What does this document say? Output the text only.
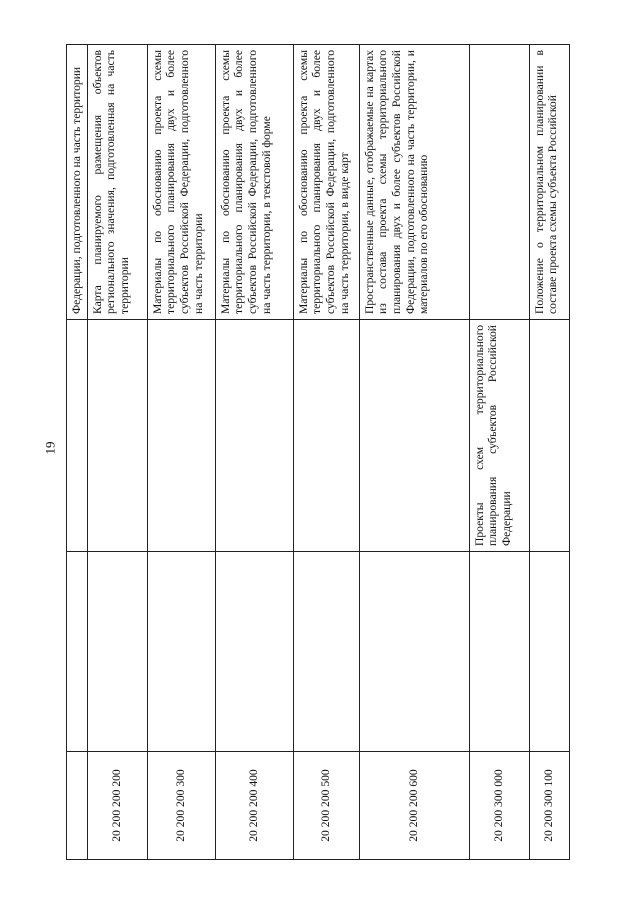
19
			Федерации, подготовленного на часть территории
20 200 200 200			Карта планируемого размещения объектов регионального значения, подготовленная на часть территории
20 200 200 300			Материалы по обоснованию проекта схемы территориального планирования двух и более субъектов Российской Федерации, подготовленного на часть территории
20 200 200 400			Материалы по обоснованию проекта схемы территориального планирования двух и более субъектов Российской Федерации, подготовленного на часть территории, в текстовой форме
20 200 200 500			Материалы по обоснованию проекта схемы территориального планирования двух и более субъектов Российской Федерации, подготовленного на часть территории, в виде карт
20 200 200 600			Пространственные данные, отображаемые на картах из состава проекта схемы территориального планирования двух и более субъектов Российской Федерации, подготовленного на часть территории, и материалов по его обоснованию
20 200 300 000		Проекты схем территориального планирования субъектов Российской Федерации	
20 200 300 100			Положение о территориальном планировании в составе проекта схемы субъекта Российской
